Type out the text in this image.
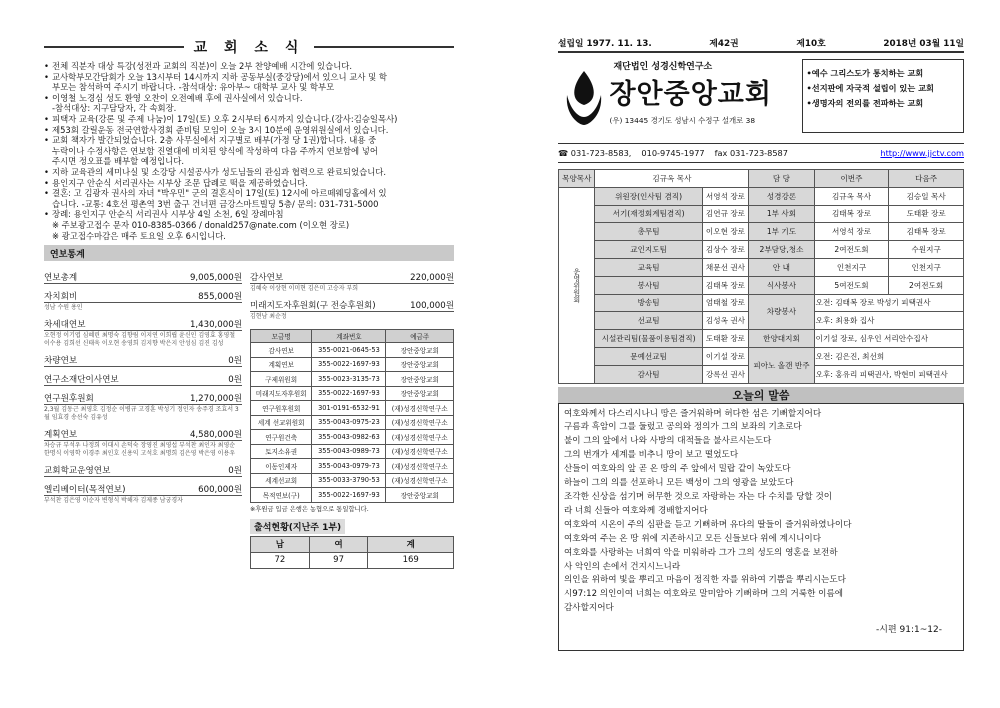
교 회 소 식
• 전체 직분자 대상 특강(성전과 교회의 직분)이 오늘 2부 찬양예배 시간에 있습니다.
• 교사학부모간담회가 오늘 13시부터 14시까지 지하 공동부실(중강당)에서 있으니 교사 및 학
부모는 참석하여 주시기 바랍니다. -참석대상: 유아부~ 대학부 교사 및 학부모
• 이영철 노경심 성도 환영 오찬이 오전예배 후에 권사실에서 있습니다.
-참석대상: 지구담당자, 각 속회장.
• 피택자 교육(강론 및 주제 나눔)이 17일(토) 오후 2시부터 6시까지 있습니다.(강사:김승일목사)
• 제53회 갈릴운동 전국연합사경회 준비팀 모임이 오늘 3시 10분에 운영위원실에서 있습니다.
• 교회 책자가 발간되었습니다. 2층 사무실에서 지구별로 배부(가정 당 1권)합니다. 내용 중
누락이나 수정사항은 연보함 진열대에 비치된 양식에 작성하여 다음 주까지 연보함에 넣어
주시면 정오표를 배부할 예정입니다.
• 지하 교육관의 세미나실 및 소강당 시설공사가 성도님들의 관심과 협력으로 완료되었습니다.
• 용인지구 안순식 서리권사는 시부상 조문 답례로 떡을 제공하였습니다.
• 결혼: 고 김광자 권사의 자녀 "박우민" 군의 결혼식이 17일(토) 12시에 아르떼웨딩홀에서 있
습니다. -교통: 4호선 평촌역 3번 출구 건너편 금강스마트빌딩 5층/ 문의: 031-731-5000
• 장례: 용인지구 안순식 서리권사 시부상 4일 소천, 6일 장례마침
※ 주보광고접수 문자 010-8385-0366 / donald257@nate.com (이오현 장로)
※ 광고접수마감은 매주 토요일 오후 6시입니다.
연보통계
연보총계	9,005,000원
자치회비	855,000원
성남 수원 용인
차세대연보	1,430,000원
오현정 이기엽 심혜린 최명숙 김향림 이지연 이희립 윤신인 김영효 홍영철 이수용 김희선 신태욱 이오현 송영희 김지향 박은지 안성심 김진 김성
차량연보	0원
연구소재단이사연보	0원
연구원후원회	1,270,000원
2,3월 김동근 최영호 김정순 이병규 고경훈 박성기 정인자 송주경 조효서 3월 임효경 송선숙 김유성
계획연보	4,580,000원
차승규 부석우 나정희 이대시 손덕숙 장영진 최영섭 부석찬 최인자 최영순 한명식 이영학 이경주 최인호 신용익 고석호 최명희 김은영 박은영 이용우
교회학교운영연보	0원
엘리베이터(목적연보)	600,000원
부석찬 김은영 이순자 변형식 박해자 김제종 남궁경자
감사연보	220,000원
김혜숙 이상현 이미현 김은미 고승자 부희
미래지도자후원회(구 전승후원회)	100,000원
김현남 최순정
모금명	계좌번호	예금주
감사연보	355-0021-0645-53	장안중앙교회
계획연보	355-0022-1697-93	장안중앙교회
구제위원회	355-0023-3135-73	장안중앙교회
미래지도자후원회	355-0022-1697-93	장안중앙교회
연구원후원회	301-0191-6532-91	(재)성경신학연구소
세계 선교위원회	355-0043-0975-23	(재)성경신학연구소
연구원건축	355-0043-0982-63	(재)성경신학연구소
토지소유권	355-0043-0989-73	(재)성경신학연구소
이동인제자	355-0043-0979-73	(재)성경신학연구소
세계선교회	355-0033-3790-53	(재)성경신학연구소
목적연보(구)	355-0022-1697-93	장안중앙교회
※후원금 입금 은행은 농협으로 통일합니다.
출석현황(지난주 1부)
남	여	계
72	97	169
설립일 1977. 11. 13.	제42권	제10호	2018년 03월 11일
재단법인 성경신학연구소
장안중앙교회
(우) 13445 경기도 성남시 수정구 설개로 38
•예수 그리스도가 통치하는 교회
•선지판에 자국적 설립이 있는 교회
•생명자의 전의를 전파하는 교회
☎ 031-723-8583, 010-9745-1977 fax 031-723-8587	http://www.jjctv.com
목양목사	김규옥 목사		담 당	이번주	다음주
운영위원회	위원장(인사팀 겸직)	서영석 장로	성경강론	김규옥 목사	김승일 목사
	서기(재정회계팀겸직)	김연규 장로	1부 사회	김태복 장로	도태환 장로
	총무팀	이오현 장로	1부 기도	서영석 장로	김태복 장로
	교인지도팀	김상수 장로	2부담당,청소	2여전도회	수원지구
	교육팀	채문선 권사	안 내	인천지구	인천지구
	봉사팀	김태복 장로	식사봉사	5여전도회	2여전도회
	방송팀	엄태철 장로	차량봉사	오전: 김태복 장로 박성기 피택권사	
	선교팀	김성옥 권사		오후: 최용화 집사	
	시설관리팀(물품이용팀겸직)	도태환 장로	한양대지회	이기설 장로, 심우인 서리안수집사	
	문예선교팀	이기설 장로	피아노 올갠 반주	오전: 김은진, 최선희	
	감사팀	강록선 권사		오후: 홍유리 피택권사, 박현미 피택권사	
오늘의 말씀
여호와께서 다스리시나니 땅은 즐거워하며 허다한 섬은 기뻐할지어다
구름과 흑암이 그를 둘렀고 공의와 정의가 그의 보좌의 기초로다
불이 그의 앞에서 나와 사방의 대적들을 불사르시는도다
그의 번개가 세계를 비추니 땅이 보고 떨었도다
산들이 여호와의 앞 곧 온 땅의 주 앞에서 밀랍 같이 녹았도다
하늘이 그의 의를 선포하니 모든 백성이 그의 영광을 보았도다
조각한 신상을 섬기며 허무한 것으로 자랑하는 자는 다 수치를 당할 것이
라 너희 신들아 여호와께 경배할지어다
여호와여 시온이 주의 심판을 듣고 기뻐하며 유다의 딸들이 즐거워하였나이다
여호와여 주는 온 땅 위에 지존하시고 모든 신들보다 위에 계시니이다
여호와를 사랑하는 너희여 악을 미워하라 그가 그의 성도의 영혼을 보전하
사 악인의 손에서 건지시느니라
의인을 위하여 빛을 뿌리고 마음이 정직한 자를 위하여 기쁨을 뿌리시는도다
시97:12 의인이여 너희는 여호와로 말미암아 기뻐하며 그의 거룩한 이름에
감사할지어다
-시편 91:1~12-
